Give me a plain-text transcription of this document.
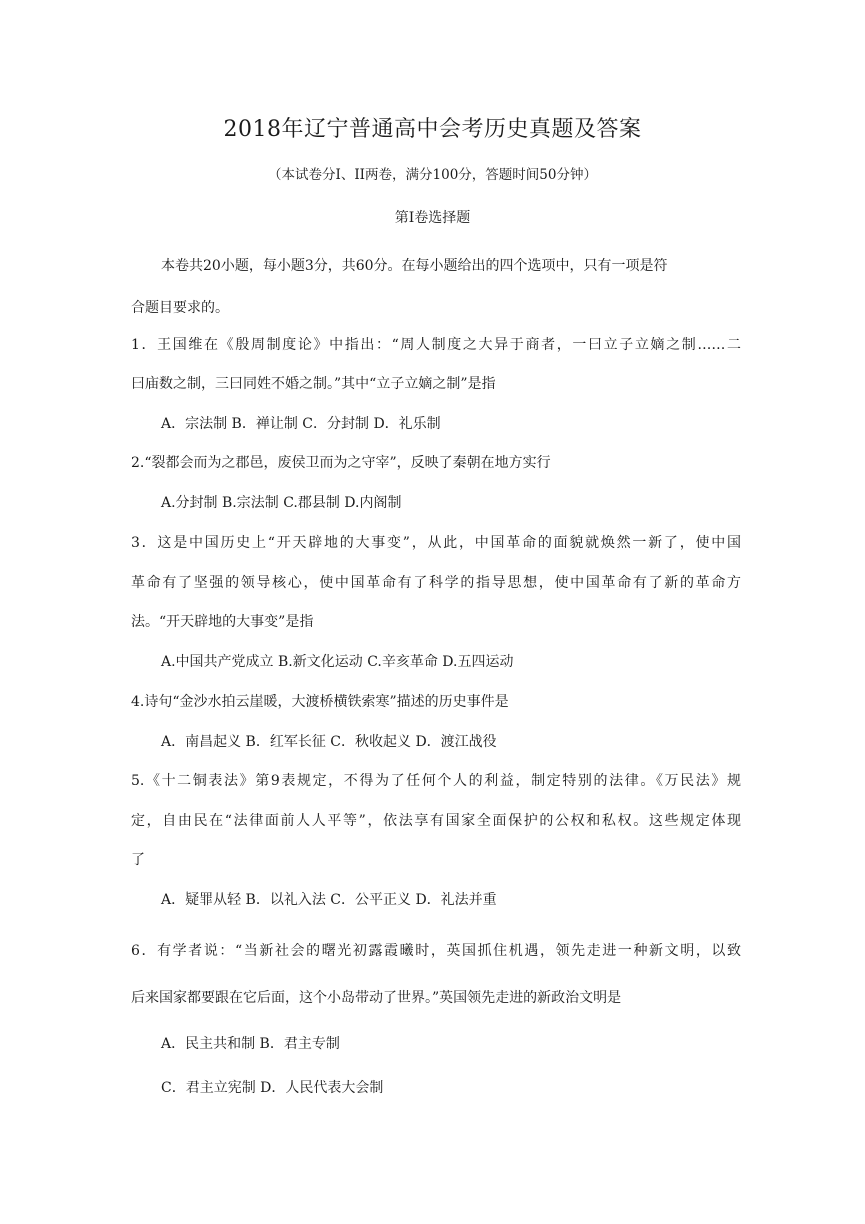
2018年辽宁普通高中会考历史真题及答案
（本试卷分I、II两卷，满分100分，答题时间50分钟）
第I卷选择题
本卷共20小题，每小题3分，共60分。在每小题给出的四个选项中，只有一项是符
合题目要求的。
1．王国维在《殷周制度论》中指出：“周人制度之大异于商者，一曰立子立嫡之制……二
曰庙数之制，三曰同姓不婚之制。”其中“立子立嫡之制”是指
A．宗法制 B．禅让制 C．分封制 D．礼乐制
2.“裂都会而为之郡邑，废侯卫而为之守宰”，反映了秦朝在地方实行
A.分封制 B.宗法制 C.郡县制 D.内阁制
3．这是中国历史上“开天辟地的大事变”，从此，中国革命的面貌就焕然一新了，使中国
革命有了坚强的领导核心，使中国革命有了科学的指导思想，使中国革命有了新的革命方
法。“开天辟地的大事变”是指
A.中国共产党成立 B.新文化运动 C.辛亥革命 D.五四运动
4.诗句“金沙水拍云崖暖，大渡桥横铁索寒”描述的历史事件是
A．南昌起义 B．红军长征 C．秋收起义 D．渡江战役
5.《十二铜表法》第9表规定，不得为了任何个人的利益，制定特别的法律。《万民法》规
定，自由民在“法律面前人人平等”，依法享有国家全面保护的公权和私权。这些规定体现
了
A．疑罪从轻 B．以礼入法 C．公平正义 D．礼法并重
6．有学者说：“当新社会的曙光初露霞曦时，英国抓住机遇，领先走进一种新文明，以致
后来国家都要跟在它后面，这个小岛带动了世界。”英国领先走进的新政治文明是
A．民主共和制 B．君主专制
C．君主立宪制 D．人民代表大会制
